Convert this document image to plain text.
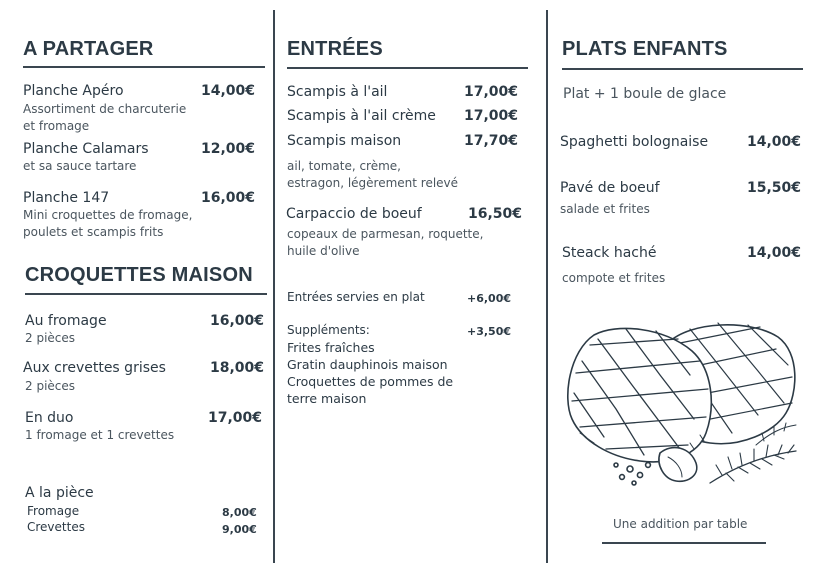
A PARTAGER
Planche Apéro	14,00€
Assortiment de charcuterie
et fromage
Planche Calamars	12,00€
et sa sauce tartare
Planche 147	16,00€
Mini croquettes de fromage,
poulets et scampis frits
CROQUETTES MAISON
Au fromage	16,00€
2 pièces
Aux crevettes grises	18,00€
2 pièces
En duo	17,00€
1 fromage et 1 crevettes
A la pièce
Fromage	8,00€
Crevettes	9,00€
ENTRÉES
Scampis à l'ail	17,00€
Scampis à l'ail crème 17,00€
Scampis maison	17,70€
ail, tomate, crème,
estragon, légèrement relevé
Carpaccio de boeuf	16,50€
copeaux de parmesan, roquette,
huile d'olive
Entrées servies en plat	+6,00€
Suppléments:	+3,50€
Frites fraîches
Gratin dauphinois maison
Croquettes de pommes de
terre maison
PLATS ENFANTS
Plat + 1 boule de glace
Spaghetti bolognaise	14,00€
Pavé de boeuf	15,50€
salade et frites
Steack haché	14,00€
compote et frites
Une addition par table
